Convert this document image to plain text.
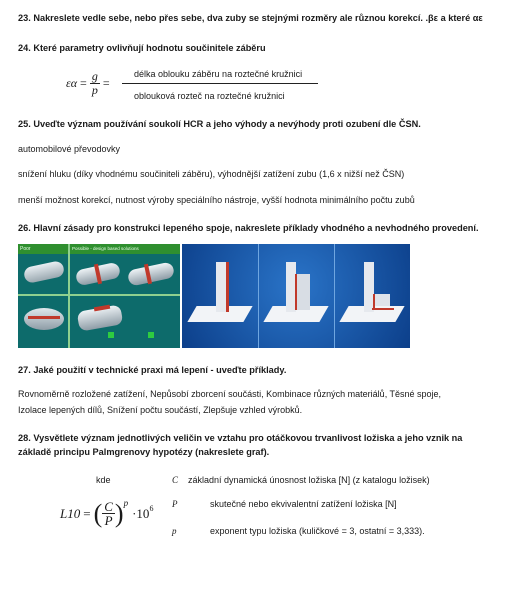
23. Nakreslete vedle sebe, nebo přes sebe, dva zuby se stejnými rozměry ale různou korekcí. .βε a které αε
24. Které parametry ovlivňují hodnotu součinitele záběru
$\varepsilon\alpha = \frac{g}{p}$ =
délka oblouku záběru na roztečné kružnici
oblouková rozteč na roztečné kružnici
25. Uveďte význam používání soukolí HCR a jeho výhody a nevýhody proti ozubení dle ČSN.
automobilové převodovky
snížení hluku (díky vhodnému součiniteli záběru), výhodnější zatížení zubu (1,6 x nižší než ČSN)
menší možnost korekcí, nutnost výroby speciálního nástroje, vyšší hodnota minimálního počtu zubů
26. Hlavní zásady pro konstrukci lepeného spoje, nakreslete příklady vhodného a nevhodného provedení.
Poor	Possible - design based solutions
27. Jaké použití v technické praxi má lepení - uveďte příklady.
Rovnoměrně rozložené zatížení, Nepůsobí zborcení součásti, Kombinace různých materiálů, Těsné spoje,
Izolace lepených dílů, Snížení počtu součástí, Zlepšuje vzhled výrobků.
28. Vysvětlete význam jednotlivých veličin ve vztahu pro otáčkovou trvanlivost ložiska a jeho vznik na
základě principu Palmgrenovy hypotézy (nakreslete graf).
kde
L10 = ( $\frac{C}{P}$ ) p
·10 6
C základní dynamická únosnost ložiska [N] (z katalogu ložisek)
P	skutečné nebo ekvivalentní zatížení ložiska [N]
p	exponent typu ložiska (kuličkové = 3, ostatní = 3,333).
